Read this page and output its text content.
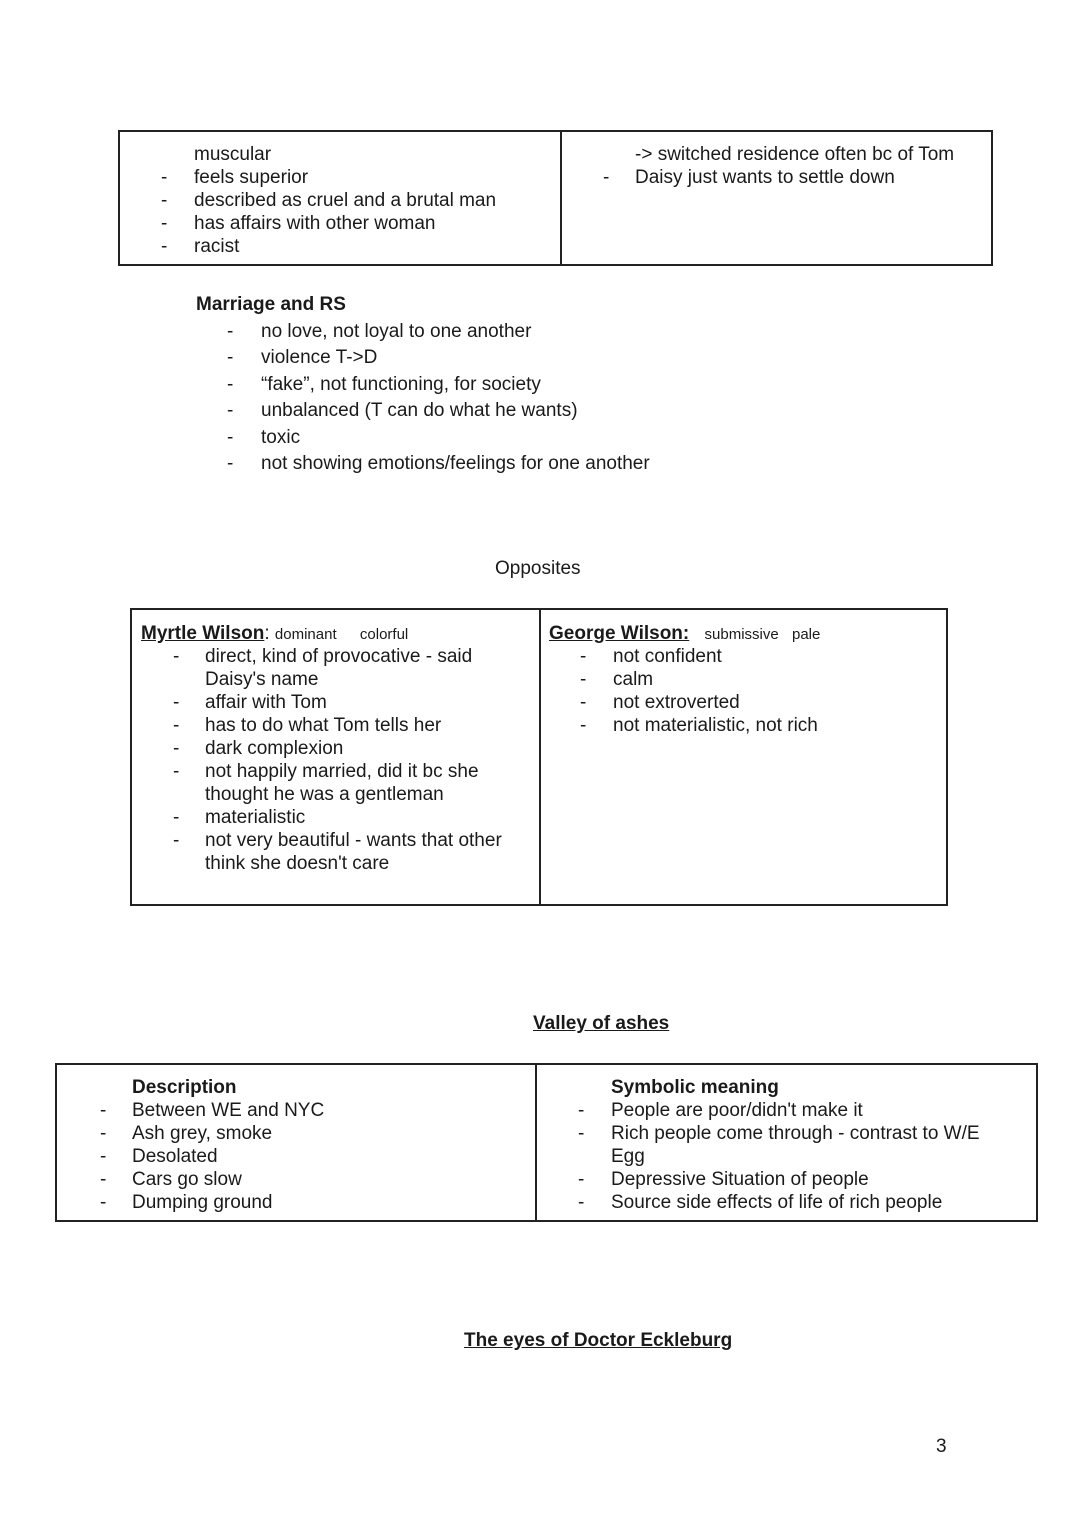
muscular
- feels superior
- described as cruel and a brutal man
- has affairs with other woman
- racist

-> switched residence often bc of Tom
- Daisy just wants to settle down
Marriage and RS
- no love, not loyal to one another
- violence T->D
- “fake”, not functioning, for society
- unbalanced (T can do what he wants)
- toxic
- not showing emotions/feelings for one another
Opposites
Myrtle Wilson: dominant colorful
- direct, kind of provocative - said
Daisy's name
- affair with Tom
- has to do what Tom tells her
- dark complexion
- not happily married, did it bc she
thought he was a gentleman
- materialistic
- not very beautiful - wants that other
think she doesn't care

George Wilson: submissive pale
- not confident
- calm
- not extroverted
- not materialistic, not rich
Valley of ashes
Description
- Between WE and NYC
- Ash grey, smoke
- Desolated
- Cars go slow
- Dumping ground

Symbolic meaning
- People are poor/didn't make it
- Rich people come through - contrast to W/E
Egg
- Depressive Situation of people
- Source side effects of life of rich people
The eyes of Doctor Eckleburg
3
